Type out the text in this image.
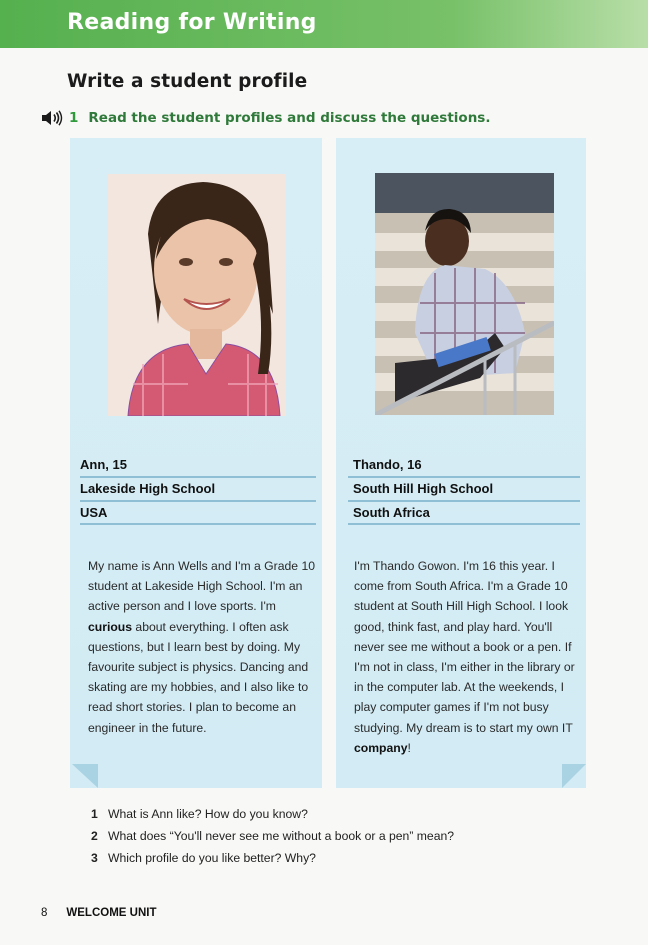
Reading for Writing
Write a student profile
1 Read the student profiles and discuss the questions.
Ann, 15
Lakeside High School
USA
Thando, 16
South Hill High School
South Africa
My name is Ann Wells and I'm a Grade 10 student at Lakeside High School. I'm an active person and I love sports. I'm curious about everything. I often ask questions, but I learn best by doing. My favourite subject is physics. Dancing and skating are my hobbies, and I also like to read short stories. I plan to become an engineer in the future.
I'm Thando Gowon. I'm 16 this year. I come from South Africa. I'm a Grade 10 student at South Hill High School. I look good, think fast, and play hard. You'll never see me without a book or a pen. If I'm not in class, I'm either in the library or in the computer lab. At the weekends, I play computer games if I'm not busy studying. My dream is to start my own IT company!
1 What is Ann like? How do you know?
2 What does “You'll never see me without a book or a pen” mean?
3 Which profile do you like better? Why?
8 WELCOME UNIT
